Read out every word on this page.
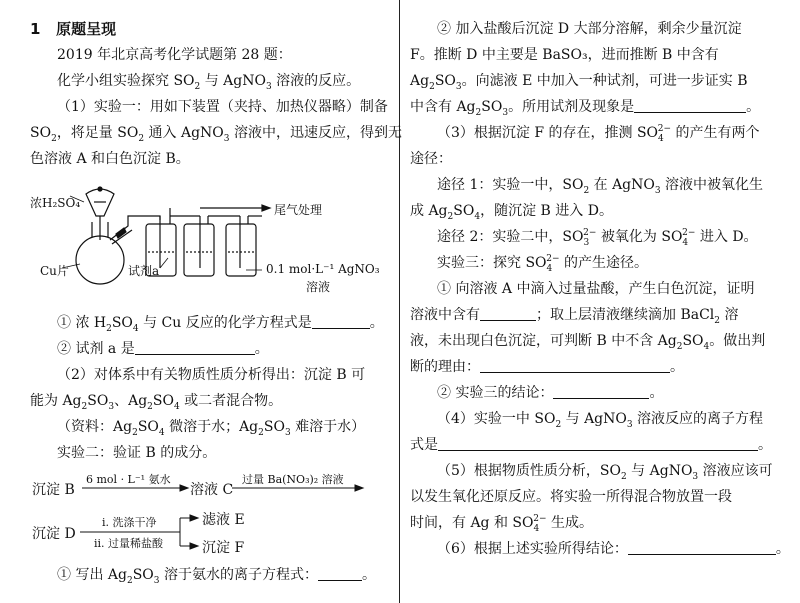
1 原题呈现
2019 年北京高考化学试题第 28 题：
化学小组实验探究 $SO_2$ 与 AgNO$_3$ 溶液的反应。
（1）实验一：用如下装置（夹持、加热仪器略）制备
$SO_2$，将足量 $SO_2$ 通入 AgNO$_3$ 溶液中，迅速反应，得到无
色溶液 A 和白色沉淀 B。
浓H₂SO₄	尾气处理
Cu片	试剂a	0.1 mol·L⁻¹ AgNO₃
溶液
① 浓 $H_2SO_4$ 与 Cu 反应的化学方程式是	。
② 试剂 a 是	。
（2）对体系中有关物质性质分析得出：沉淀 B 可
能为 $Ag_2SO_3$、$Ag_2SO_4$ 或二者混合物。
（资料：$Ag_2SO_4$ 微溶于水；$Ag_2SO_3$ 难溶于水）
实验二：验证 B 的成分。
沉淀 B
6 mol · L⁻¹ 氨水
溶液 C
过量 Ba(NO₃)₂ 溶液
沉淀 D
i. 洗涤干净
ii. 过量稀盐酸
滤液 E
沉淀 F
① 写出 $Ag_2SO_3$ 溶于氨水的离子方程式：	。
② 加入盐酸后沉淀 D 大部分溶解，剩余少量沉淀
F。推断 D 中主要是 BaSO₃，进而推断 B 中含有
$Ag_2SO_3$。向滤液 E 中加入一种试剂，可进一步证实 B
中含有 $Ag_2SO_3$。所用试剂及现象是	。
（3）根据沉淀 F 的存在，推测 $SO_4^{2-}$ 的产生有两个
途径：
途径 1：实验一中，$SO_2$ 在 AgNO$_3$ 溶液中被氧化生
成 $Ag_2SO_4$，随沉淀 B 进入 D。
途径 2：实验二中，$SO_3^{2-}$ 被氧化为 $SO_4^{2-}$ 进入 D。
实验三：探究 $SO_4^{2-}$ 的产生途径。
① 向溶液 A 中滴入过量盐酸，产生白色沉淀，证明
溶液中含有	；取上层清液继续滴加 BaCl$_2$ 溶
液，未出现白色沉淀，可判断 B 中不含 $Ag_2SO_4$。做出判
断的理由：	。
② 实验三的结论：	。
（4）实验一中 $SO_2$ 与 AgNO$_3$ 溶液反应的离子方程
式是	。
（5）根据物质性质分析，$SO_2$ 与 AgNO$_3$ 溶液应该可
以发生氧化还原反应。将实验一所得混合物放置一段
时间，有 Ag 和 $SO_4^{2-}$ 生成。
（6）根据上述实验所得结论：	。
